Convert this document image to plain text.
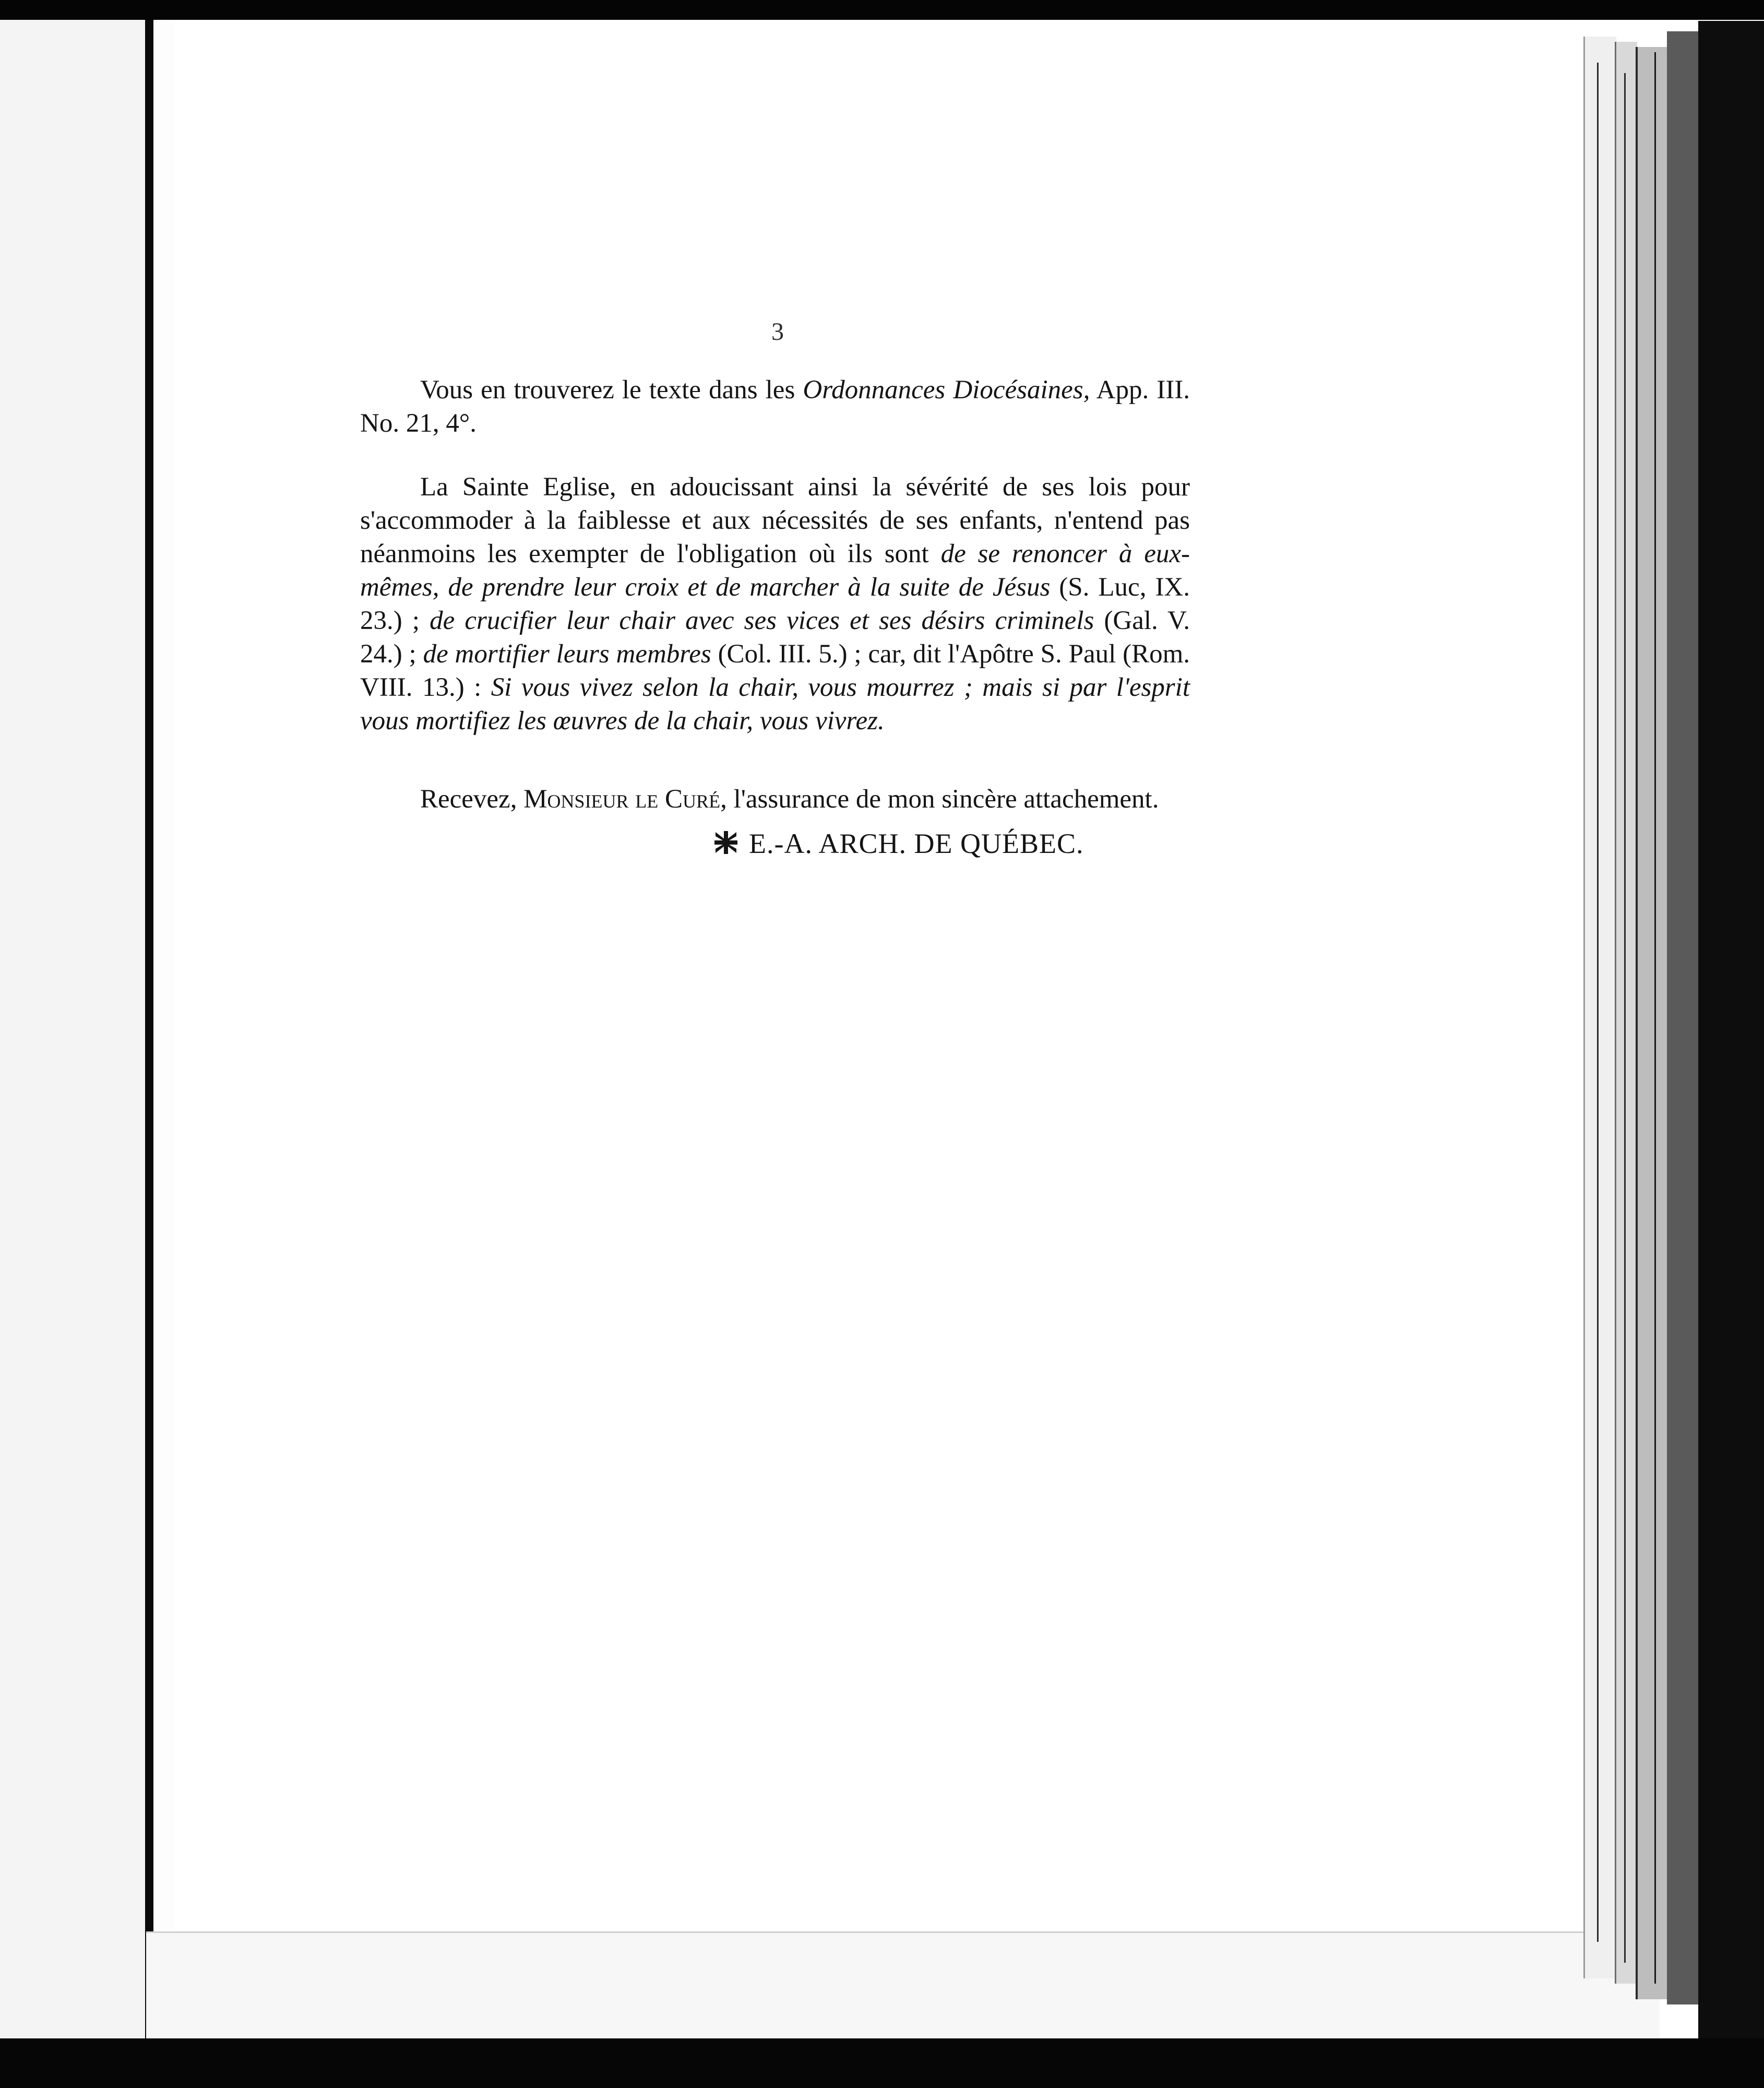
3

Vous en trouverez le texte dans les Ordonnances Diocésaines, App. III. No. 21, 4°.

La Sainte Eglise, en adoucissant ainsi la sévérité de ses lois pour s'accommoder à la faiblesse et aux nécessités de ses enfants, n'entend pas néanmoins les exempter de l'obligation où ils sont de se renoncer à eux-mêmes, de prendre leur croix et de marcher à la suite de Jésus (S. Luc, IX. 23.) ; de crucifier leur chair avec ses vices et ses désirs criminels (Gal. V. 24.) ; de mortifier leurs membres (Col. III. 5.) ; car, dit l'Apôtre S. Paul (Rom. VIII. 13.) : Si vous vivez selon la chair, vous mourrez ; mais si par l'esprit vous mortifiez les œuvres de la chair, vous vivrez.

Recevez, Monsieur le Curé, l'assurance de mon sincère attachement.

E.-A. ARCH. DE QUÉBEC.
